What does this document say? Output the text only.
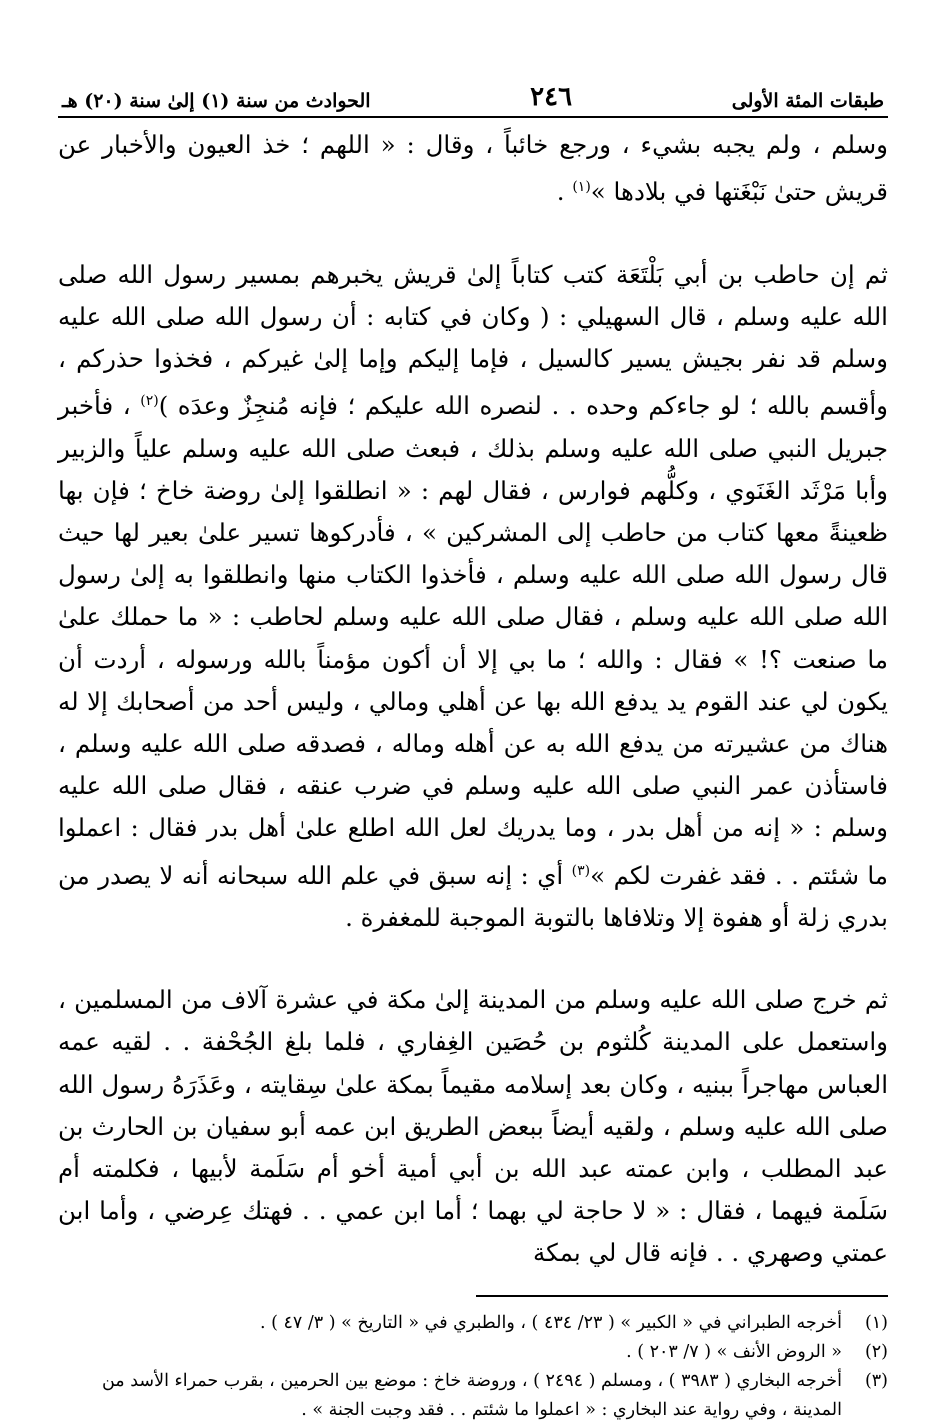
طبقات المئة الأولى
٢٤٦
الحوادث من سنة (١) إلىٰ سنة (٢٠) هـ

وسلم ، ولم يجبه بشيء ، ورجع خائباً ، وقال : « اللهم ؛ خذ العيون والأخبار عن قريش حتىٰ نَبْغَتها في بلادها »$^{(١)}$ .

ثم إن حاطب بن أبي بَلْتَعَة كتب كتاباً إلىٰ قريش يخبرهم بمسير رسول الله صلى الله عليه وسلم ، قال السهيلي : ( وكان في كتابه : أن رسول الله صلى الله عليه وسلم قد نفر بجيش يسير كالسيل ، فإما إليكم وإما إلىٰ غيركم ، فخذوا حذركم ، وأقسم بالله ؛ لو جاءكم وحده . . لنصره الله عليكم ؛ فإنه مُنجِزٌ وعدَه )$^{(٢)}$ ، فأخبر جبريل النبي صلى الله عليه وسلم بذلك ، فبعث صلى الله عليه وسلم علياً والزبير وأبا مَرْثَد الغَنَوي ، وكلُّهم فوارس ، فقال لهم : « انطلقوا إلىٰ روضة خاخ ؛ فإن بها ظعينةً معها كتاب من حاطب إلى المشركين » ، فأدركوها تسير علىٰ بعير لها حيث قال رسول الله صلى الله عليه وسلم ، فأخذوا الكتاب منها وانطلقوا به إلىٰ رسول الله صلى الله عليه وسلم ، فقال صلى الله عليه وسلم لحاطب : « ما حملك علىٰ ما صنعت ؟! » فقال : والله ؛ ما بي إلا أن أكون مؤمناً بالله ورسوله ، أردت أن يكون لي عند القوم يد يدفع الله بها عن أهلي ومالي ، وليس أحد من أصحابك إلا له هناك من عشيرته من يدفع الله به عن أهله وماله ، فصدقه صلى الله عليه وسلم ، فاستأذن عمر النبي صلى الله عليه وسلم في ضرب عنقه ، فقال صلى الله عليه وسلم : « إنه من أهل بدر ، وما يدريك لعل الله اطلع علىٰ أهل بدر فقال : اعملوا ما شئتم . . فقد غفرت لكم »$^{(٣)}$ أي : إنه سبق في علم الله سبحانه أنه لا يصدر من بدري زلة أو هفوة إلا وتلافاها بالتوبة الموجبة للمغفرة .

ثم خرج صلى الله عليه وسلم من المدينة إلىٰ مكة في عشرة آلاف من المسلمين ، واستعمل على المدينة كُلثوم بن حُصَين الغِفاري ، فلما بلغ الجُحْفة . . لقيه عمه العباس مهاجراً ببنيه ، وكان بعد إسلامه مقيماً بمكة علىٰ سِقايته ، وعَذَرَهُ رسول الله صلى الله عليه وسلم ، ولقيه أيضاً ببعض الطريق ابن عمه أبو سفيان بن الحارث بن عبد المطلب ، وابن عمته عبد الله بن أبي أمية أخو أم سَلَمة لأبيها ، فكلمته أم سَلَمة فيهما ، فقال : « لا حاجة لي بهما ؛ أما ابن عمي . . فهتك عِرضي ، وأما ابن عمتي وصهري . . فإنه قال لي بمكة

(١)
أخرجه الطبراني في « الكبير » ( ٢٣/ ٤٣٤ ) ، والطبري في « التاريخ » ( ٣/ ٤٧ ) .
(٢)
« الروض الأنف » ( ٧/ ٢٠٣ ) .
(٣)
أخرجه البخاري ( ٣٩٨٣ ) ، ومسلم ( ٢٤٩٤ ) ، وروضة خاخ : موضع بين الحرمين ، بقرب حمراء الأسد من المدينة ، وفي رواية عند البخاري : « اعملوا ما شئتم . . فقد وجبت الجنة » .
